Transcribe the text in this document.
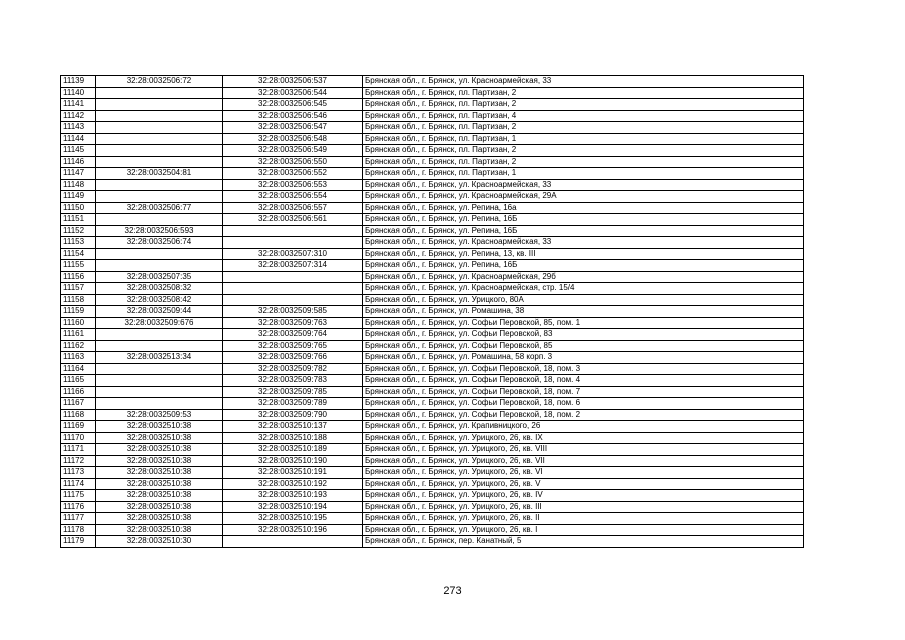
11139	32:28:0032506:72	32:28:0032506:537	Брянская обл., г. Брянск, ул. Красноармейская, 33
11140		32:28:0032506:544	Брянская обл., г. Брянск, пл. Партизан, 2
11141		32:28:0032506:545	Брянская обл., г. Брянск, пл. Партизан, 2
11142		32:28:0032506:546	Брянская обл., г. Брянск, пл. Партизан, 4
11143		32:28:0032506:547	Брянская обл., г. Брянск, пл. Партизан, 2
11144		32:28:0032506:548	Брянская обл., г. Брянск, пл. Партизан, 1
11145		32:28:0032506:549	Брянская обл., г. Брянск, пл. Партизан, 2
11146		32:28:0032506:550	Брянская обл., г. Брянск, пл. Партизан, 2
11147	32:28:0032504:81	32:28:0032506:552	Брянская обл., г. Брянск, пл. Партизан, 1
11148		32:28:0032506:553	Брянская обл., г. Брянск, ул. Красноармейская, 33
11149		32:28:0032506:554	Брянская обл., г. Брянск, ул. Красноармейская, 29А
11150	32:28:0032506:77	32:28:0032506:557	Брянская обл., г. Брянск, ул. Репина, 16а
11151		32:28:0032506:561	Брянская обл., г. Брянск, ул. Репина, 16Б
11152	32:28:0032506:593		Брянская обл., г. Брянск, ул. Репина, 16Б
11153	32:28:0032506:74		Брянская обл., г. Брянск, ул. Красноармейская, 33
11154		32:28:0032507:310	Брянская обл., г. Брянск, ул. Репина, 13, кв. III
11155		32:28:0032507:314	Брянская обл., г. Брянск, ул. Репина, 16Б
11156	32:28:0032507:35		Брянская обл., г. Брянск, ул. Красноармейская, 29б
11157	32:28:0032508:32		Брянская обл., г. Брянск, ул. Красноармейская, стр. 15/4
11158	32:28:0032508:42		Брянская обл., г. Брянск, ул. Урицкого, 80А
11159	32:28:0032509:44	32:28:0032509:585	Брянская обл., г. Брянск, ул. Ромашина, 38
11160	32:28:0032509:676	32:28:0032509:763	Брянская обл., г. Брянск, ул. Софьи Перовской, 85, пом. 1
11161		32:28:0032509:764	Брянская обл., г. Брянск, ул. Софьи Перовской, 83
11162		32:28:0032509:765	Брянская обл., г. Брянск, ул. Софьи Перовской, 85
11163	32:28:0032513:34	32:28:0032509:766	Брянская обл., г. Брянск, ул. Ромашина, 58 корп. 3
11164		32:28:0032509:782	Брянская обл., г. Брянск, ул. Софьи Перовской, 18, пом. 3
11165		32:28:0032509:783	Брянская обл., г. Брянск, ул. Софьи Перовской, 18, пом. 4
11166		32:28:0032509:785	Брянская обл., г. Брянск, ул. Софьи Перовской, 18, пом. 7
11167		32:28:0032509:789	Брянская обл., г. Брянск, ул. Софьи Перовской, 18, пом. 6
11168	32:28:0032509:53	32:28:0032509:790	Брянская обл., г. Брянск, ул. Софьи Перовской, 18, пом. 2
11169	32:28:0032510:38	32:28:0032510:137	Брянская обл., г. Брянск, ул. Крапивницкого, 26
11170	32:28:0032510:38	32:28:0032510:188	Брянская обл., г. Брянск, ул. Урицкого, 26, кв. IX
11171	32:28:0032510:38	32:28:0032510:189	Брянская обл., г. Брянск, ул. Урицкого, 26, кв. VIII
11172	32:28:0032510:38	32:28:0032510:190	Брянская обл., г. Брянск, ул. Урицкого, 26, кв. VII
11173	32:28:0032510:38	32:28:0032510:191	Брянская обл., г. Брянск, ул. Урицкого, 26, кв. VI
11174	32:28:0032510:38	32:28:0032510:192	Брянская обл., г. Брянск, ул. Урицкого, 26, кв. V
11175	32:28:0032510:38	32:28:0032510:193	Брянская обл., г. Брянск, ул. Урицкого, 26, кв. IV
11176	32:28:0032510:38	32:28:0032510:194	Брянская обл., г. Брянск, ул. Урицкого, 26, кв. III
11177	32:28:0032510:38	32:28:0032510:195	Брянская обл., г. Брянск, ул. Урицкого, 26, кв. II
11178	32:28:0032510:38	32:28:0032510:196	Брянская обл., г. Брянск, ул. Урицкого, 26, кв. I
11179	32:28:0032510:30		Брянская обл., г. Брянск, пер. Канатный, 5
273
